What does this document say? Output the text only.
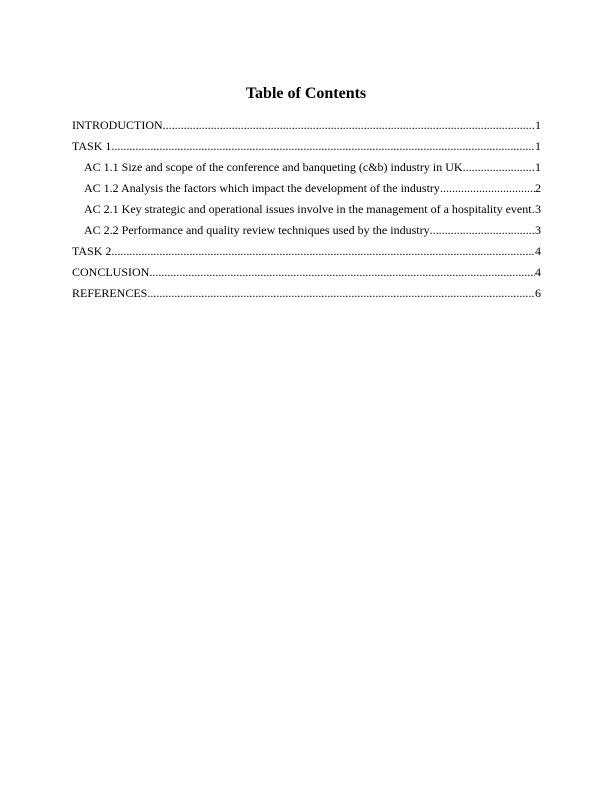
Table of Contents
INTRODUCTION .....	1
TASK 1 .....	1
AC 1.1 Size and scope of the conference and banqueting (c&b) industry in UK .....	1
AC 1.2 Analysis the factors which impact the development of the industry .....	2
AC 2.1 Key strategic and operational issues involve in the management of a hospitality event ..... 3
AC 2.2 Performance and quality review techniques used by the industry .....	3
TASK 2 .....	4
CONCLUSION .....	4
REFERENCES .....	6
